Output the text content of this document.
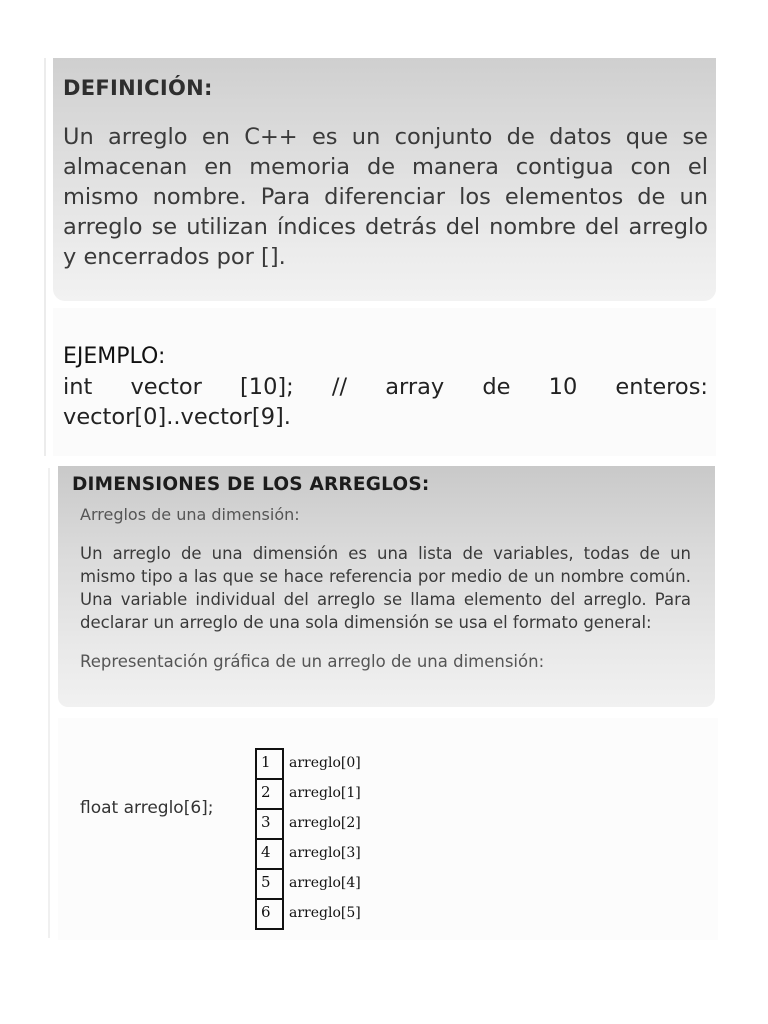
DEFINICIÓN:

Un arreglo en C++ es un conjunto de datos que se almacenan en memoria de manera contigua con el mismo nombre. Para diferenciar los elementos de un arreglo se utilizan índices detrás del nombre del arreglo y encerrados por [].

EJEMPLO:
int vector [10]; // array de 10 enteros: vector[0]..vector[9].
DIMENSIONES DE LOS ARREGLOS:
Arreglos de una dimensión:
Un arreglo de una dimensión es una lista de variables, todas de un mismo tipo a las que se hace referencia por medio de un nombre común. Una variable individual del arreglo se llama elemento del arreglo. Para declarar un arreglo de una sola dimensión se usa el formato general:
Representación gráfica de un arreglo de una dimensión:
float arreglo[6];
1 arreglo[0]
2 arreglo[1]
3 arreglo[2]
4 arreglo[3]
5 arreglo[4]
6 arreglo[5]
